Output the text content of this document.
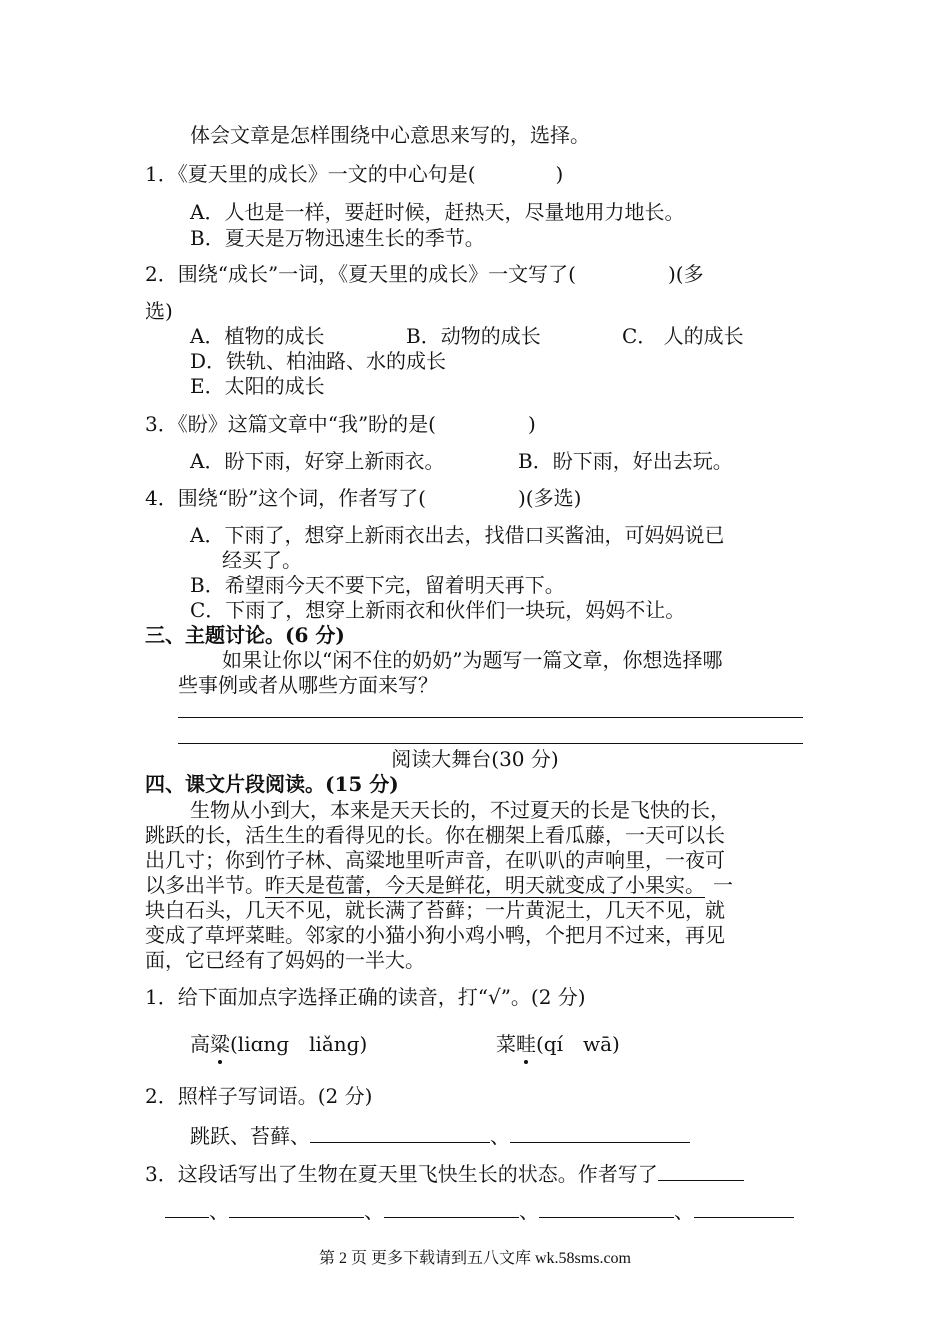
体会文章是怎样围绕中心意思来写的，选择。
1．《夏天里的成长》一文的中心句是(	)
A．人也是一样，要赶时候，赶热天，尽量地用力地长。
B．夏天是万物迅速生长的季节。
2．围绕“成长”一词，《夏天里的成长》一文写了(	)(多
选)
A．植物的成长	B．动物的成长	C． 人的成长
D．铁轨、柏油路、水的成长
E．太阳的成长
3．《盼》这篇文章中“我”盼的是(	)
A．盼下雨，好穿上新雨衣。	B．盼下雨，好出去玩。
4．围绕“盼”这个词，作者写了(	)(多选)
A．下雨了，想穿上新雨衣出去，找借口买酱油，可妈妈说已
经买了。
B．希望雨今天不要下完，留着明天再下。
C．下雨了，想穿上新雨衣和伙伴们一块玩，妈妈不让。
三、主题讨论。(6 分)
如果让你以“闲不住的奶奶”为题写一篇文章，你想选择哪
些事例或者从哪些方面来写？
阅读大舞台(30 分)
四、课文片段阅读。(15 分)
生物从小到大，本来是天天长的，不过夏天的长是飞快的长，
跳跃的长，活生生的看得见的长。你在棚架上看瓜藤，一天可以长
出几寸；你到竹子林、高粱地里听声音，在叭叭的声响里，一夜可
以多出半节。昨天是苞蕾，今天是鲜花，明天就变成了小果实。 一
块白石头，几天不见，就长满了苔藓；一片黄泥土，几天不见，就
变成了草坪菜畦。邻家的小猫小狗小鸡小鸭，个把月不过来，再见
面，它已经有了妈妈的一半大。
1．给下面加点字选择正确的读音，打“√”。(2 分)
高粱(liɑnɡ　liǎnɡ)	菜畦(qí　wā)
2．照样子写词语。(2 分)
跳跃、苔藓、	、
3．这段话写出了生物在夏天里飞快生长的状态。作者写了
、	、	、	、
第 2 页 更多下载请到五八文库 wk.58sms.com
